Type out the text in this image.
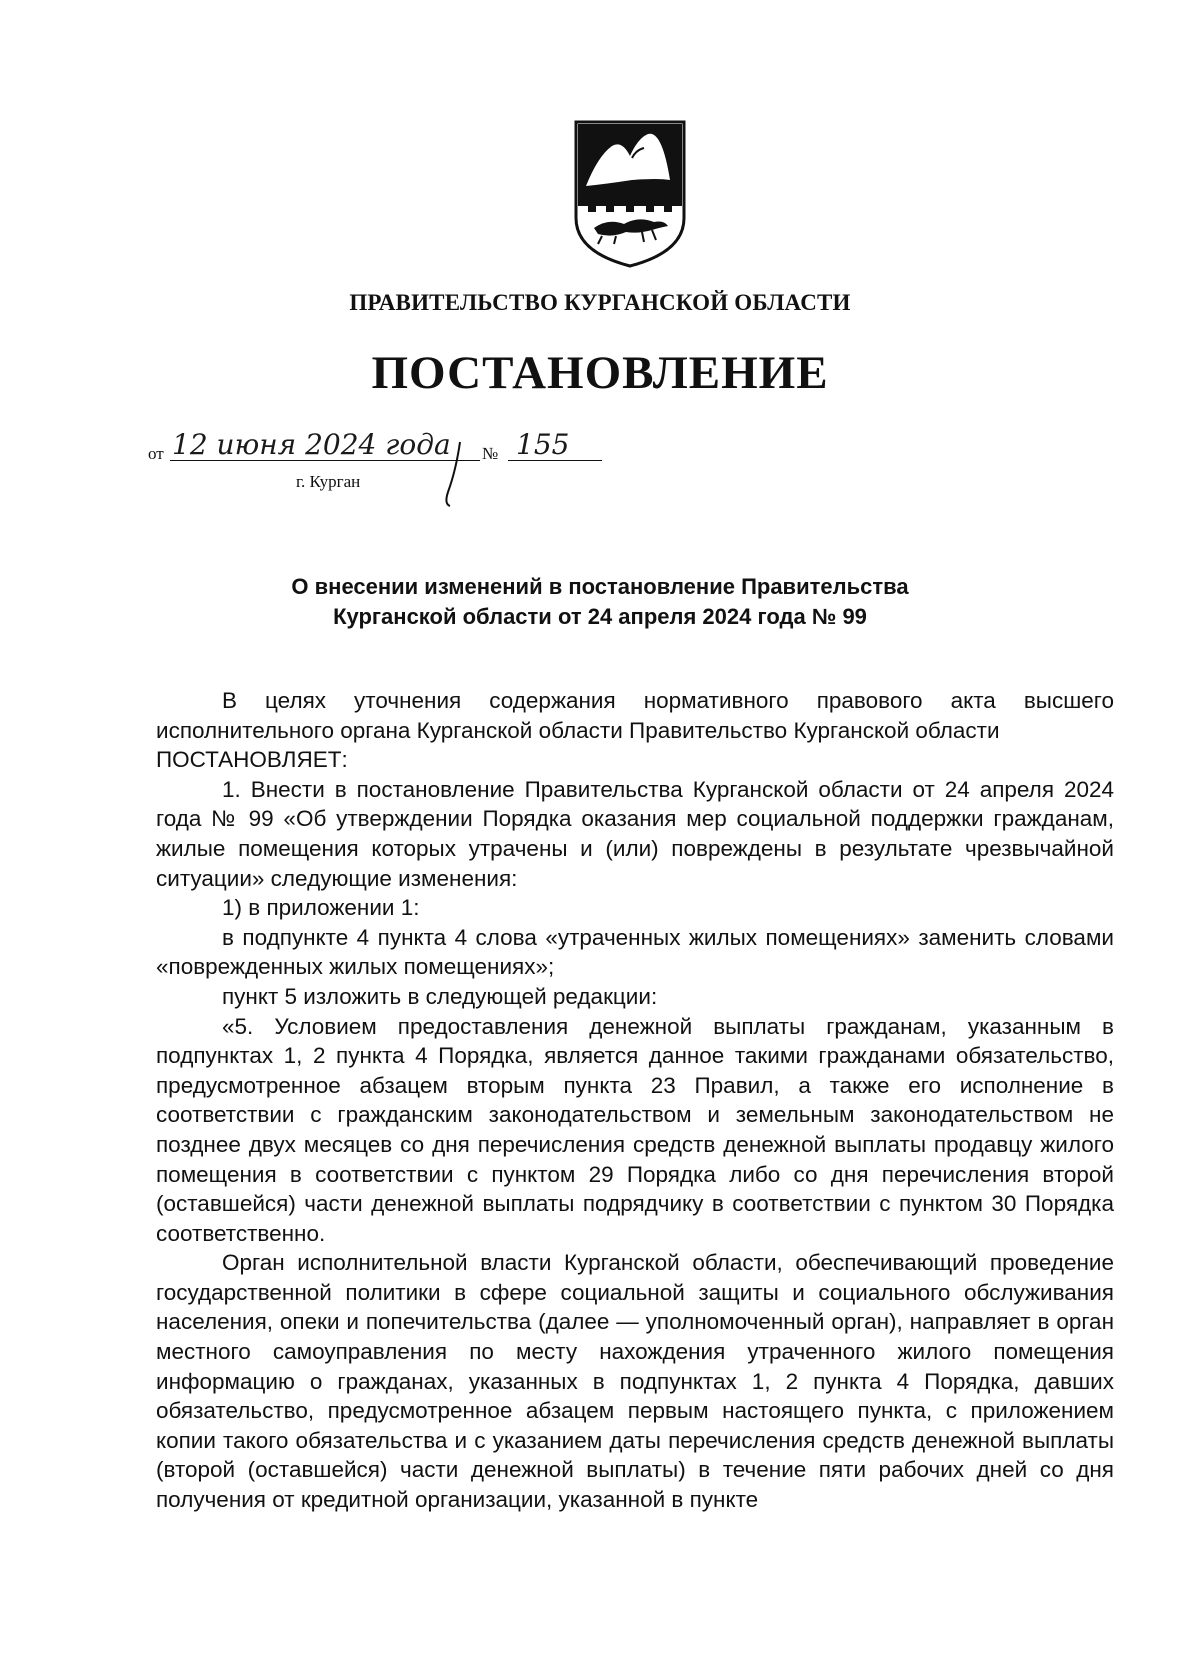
ПРАВИТЕЛЬСТВО КУРГАНСКОЙ ОБЛАСТИ
ПОСТАНОВЛЕНИЕ
от 12 июня 2024 года № 155
г. Курган
О внесении изменений в постановление Правительства
Курганской области от 24 апреля 2024 года № 99

В целях уточнения содержания нормативного правового акта высшего исполнительного органа Курганской области Правительство Курганской области

ПОСТАНОВЛЯЕТ:

1. Внести в постановление Правительства Курганской области от 24 апреля 2024 года № 99 «Об утверждении Порядка оказания мер социальной поддержки гражданам, жилые помещения которых утрачены и (или) повреждены в результате чрезвычайной ситуации» следующие изменения:

1) в приложении 1:

в подпункте 4 пункта 4 слова «утраченных жилых помещениях» заменить словами «поврежденных жилых помещениях»;

пункт 5 изложить в следующей редакции:

«5. Условием предоставления денежной выплаты гражданам, указанным в подпунктах 1, 2 пункта 4 Порядка, является данное такими гражданами обязательство, предусмотренное абзацем вторым пункта 23 Правил, а также его исполнение в соответствии с гражданским законодательством и земельным законодательством не позднее двух месяцев со дня перечисления средств денежной выплаты продавцу жилого помещения в соответствии с пунктом 29 Порядка либо со дня перечисления второй (оставшейся) части денежной выплаты подрядчику в соответствии с пунктом 30 Порядка соответственно.

Орган исполнительной власти Курганской области, обеспечивающий проведение государственной политики в сфере социальной защиты и социального обслуживания населения, опеки и попечительства (далее — уполномоченный орган), направляет в орган местного самоуправления по месту нахождения утраченного жилого помещения информацию о гражданах, указанных в подпунктах 1, 2 пункта 4 Порядка, давших обязательство, предусмотренное абзацем первым настоящего пункта, с приложением копии такого обязательства и с указанием даты перечисления средств денежной выплаты (второй (оставшейся) части денежной выплаты) в течение пяти рабочих дней со дня получения от кредитной организации, указанной в пункте
